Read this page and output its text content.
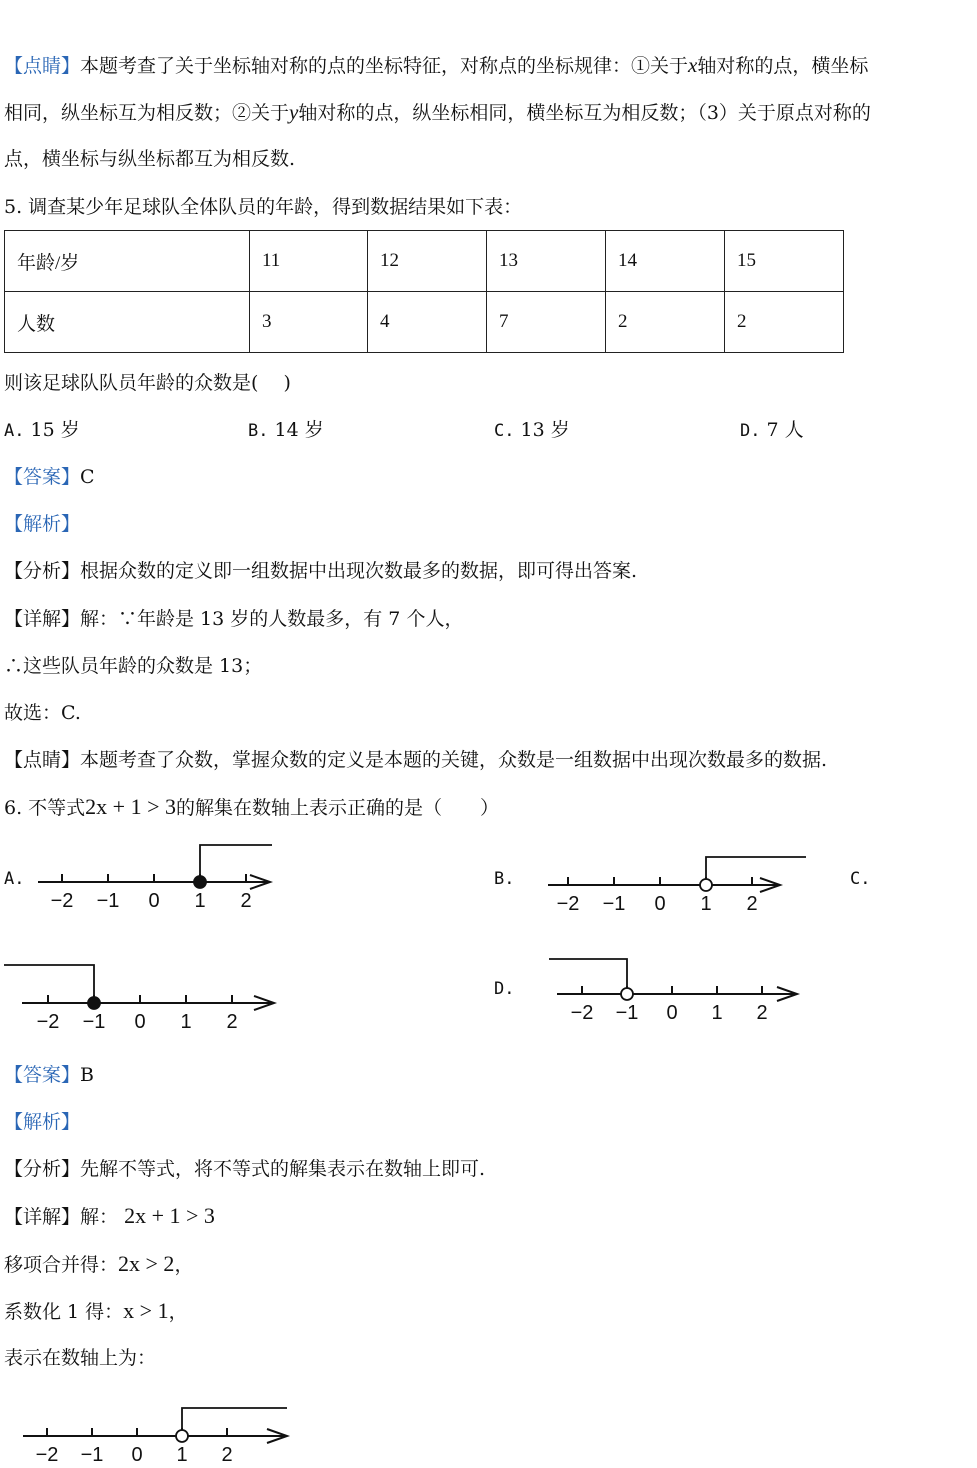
【点睛】本题考查了关于坐标轴对称的点的坐标特征，对称点的坐标规律：①关于x轴对称的点，横坐标
相同，纵坐标互为相反数；②关于y轴对称的点，纵坐标相同，横坐标互为相反数；（3）关于原点对称的
点，横坐标与纵坐标都互为相反数.
5. 调查某少年足球队全体队员的年龄，得到数据结果如下表：
年龄/岁	11	12	13	14	15
人数	3	4	7	2	2
则该足球队队员年龄的众数是(　 )
A. 15 岁	B. 14 岁	C. 13 岁	D. 7 人
【答案】C
【解析】
【分析】根据众数的定义即一组数据中出现次数最多的数据，即可得出答案.
【详解】解：∵年龄是 13 岁的人数最多，有 7 个人，
∴这些队员年龄的众数是 13；
故选：C.
【点睛】本题考查了众数，掌握众数的定义是本题的关键，众数是一组数据中出现次数最多的数据.
6. 不等式2x + 1 > 3的解集在数轴上表示正确的是（　　）
A.	B.	C.
D.
−2 −1 0 1 2	−2 −1 0 1 2
−2 −1 0 1 2	−2 −1 0 1 2
【答案】B
【解析】
【分析】先解不等式，将不等式的解集表示在数轴上即可.
【详解】解： 2x + 1 > 3
移项合并得：2x > 2，
系数化 1 得：x > 1，
表示在数轴上为：
−2 −1 0 1 2
